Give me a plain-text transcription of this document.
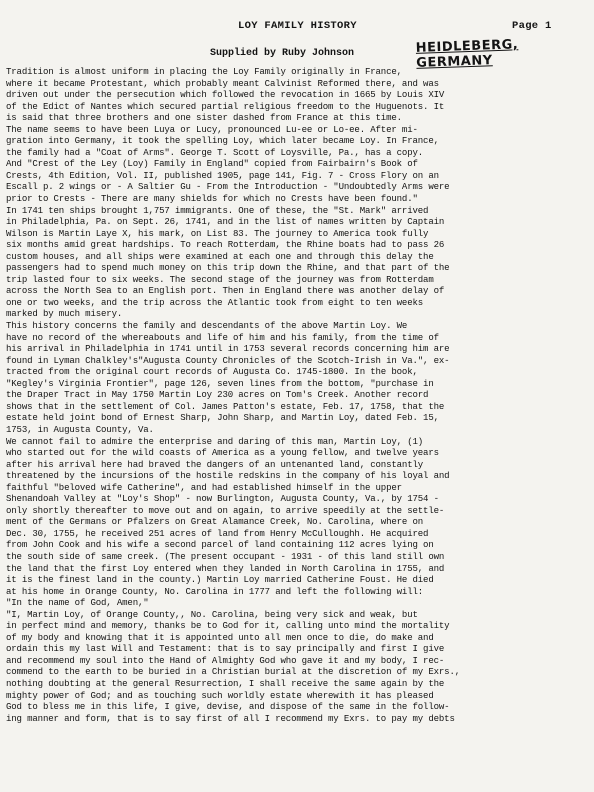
LOY FAMILY HISTORY	Page 1
Supplied by Ruby Johnson	HEIDLEBERG, GERMANY
Tradition is almost uniform in placing the Loy Family originally in France,
where it became Protestant, which probably meant Calvinist Reformed there, and was
driven out under the persecution which followed the revocation in 1665 by Louis XIV
of the Edict of Nantes which secured partial religious freedom to the Huguenots. It
is said that three brothers and one sister dashed from France at this time.
The name seems to have been Luya or Lucy, pronounced Lu-ee or Lo-ee. After mi-
gration into Germany, it took the spelling Loy, which later became Loy. In France,
the family had a "Coat of Arms". George T. Scott of Loysville, Pa., has a copy.
And "Crest of the Ley (Loy) Family in England" copied from Fairbairn's Book of
Crests, 4th Edition, Vol. II, published 1905, page 141, Fig. 7 - Cross Flory on an
Escall p. 2 wings or - A Saltier Gu - From the Introduction - "Undoubtedly Arms were
prior to Crests - There are many shields for which no Crests have been found."
In 1741 ten ships brought 1,757 immigrants. One of these, the "St. Mark" arrived
in Philadelphia, Pa. on Sept. 26, 1741, and in the list of names written by Captain
Wilson is Martin Laye X, his mark, on List 83. The journey to America took fully
six months amid great hardships. To reach Rotterdam, the Rhine boats had to pass 26
custom houses, and all ships were examined at each one and through this delay the
passengers had to spend much money on this trip down the Rhine, and that part of the
trip lasted four to six weeks. The second stage of the journey was from Rotterdam
across the North Sea to an English port. Then in England there was another delay of
one or two weeks, and the trip across the Atlantic took from eight to ten weeks
marked by much misery.
This history concerns the family and descendants of the above Martin Loy. We
have no record of the whereabouts and life of him and his family, from the time of
his arrival in Philadelphia in 1741 until in 1753 several records concerning him are
found in Lyman Chalkley's"Augusta County Chronicles of the Scotch-Irish in Va.", ex-
tracted from the original court records of Augusta Co. 1745-1800. In the book,
"Kegley's Virginia Frontier", page 126, seven lines from the bottom, "purchase in
the Draper Tract in May 1750 Martin Loy 230 acres on Tom's Creek. Another record
shows that in the settlement of Col. James Patton's estate, Feb. 17, 1758, that the
estate held joint bond of Ernest Sharp, John Sharp, and Martin Loy, dated Feb. 15,
1753, in Augusta County, Va.
We cannot fail to admire the enterprise and daring of this man, Martin Loy, (1)
who started out for the wild coasts of America as a young fellow, and twelve years
after his arrival here had braved the dangers of an untenanted land, constantly
threatened by the incursions of the hostile redskins in the company of his loyal and
faithful "beloved wife Catherine", and had established himself in the upper
Shenandoah Valley at "Loy's Shop" - now Burlington, Augusta County, Va., by 1754 -
only shortly thereafter to move out and on again, to arrive speedily at the settle-
ment of the Germans or Pfalzers on Great Alamance Creek, No. Carolina, where on
Dec. 30, 1755, he received 251 acres of land from Henry McCulloughh. He acquired
from John Cook and his wife a second parcel of land containing 112 acres lying on
the south side of same creek. (The present occupant - 1931 - of this land still own
the land that the first Loy entered when they landed in North Carolina in 1755, and
it is the finest land in the county.) Martin Loy married Catherine Foust. He died
at his home in Orange County, No. Carolina in 1777 and left the following will:
"In the name of God, Amen,"
"I, Martin Loy, of Orange County,, No. Carolina, being very sick and weak, but
in perfect mind and memory, thanks be to God for it, calling unto mind the mortality
of my body and knowing that it is appointed unto all men once to die, do make and
ordain this my last Will and Testament: that is to say principally and first I give
and recommend my soul into the Hand of Almighty God who gave it and my body, I rec-
commend to the earth to be buried in a Christian burial at the discretion of my Exrs.,
nothing doubting at the general Resurrection, I shall receive the same again by the
mighty power of God; and as touching such worldly estate wherewith it has pleased
God to bless me in this life, I give, devise, and dispose of the same in the follow-
ing manner and form, that is to say first of all I recommend my Exrs. to pay my debts
